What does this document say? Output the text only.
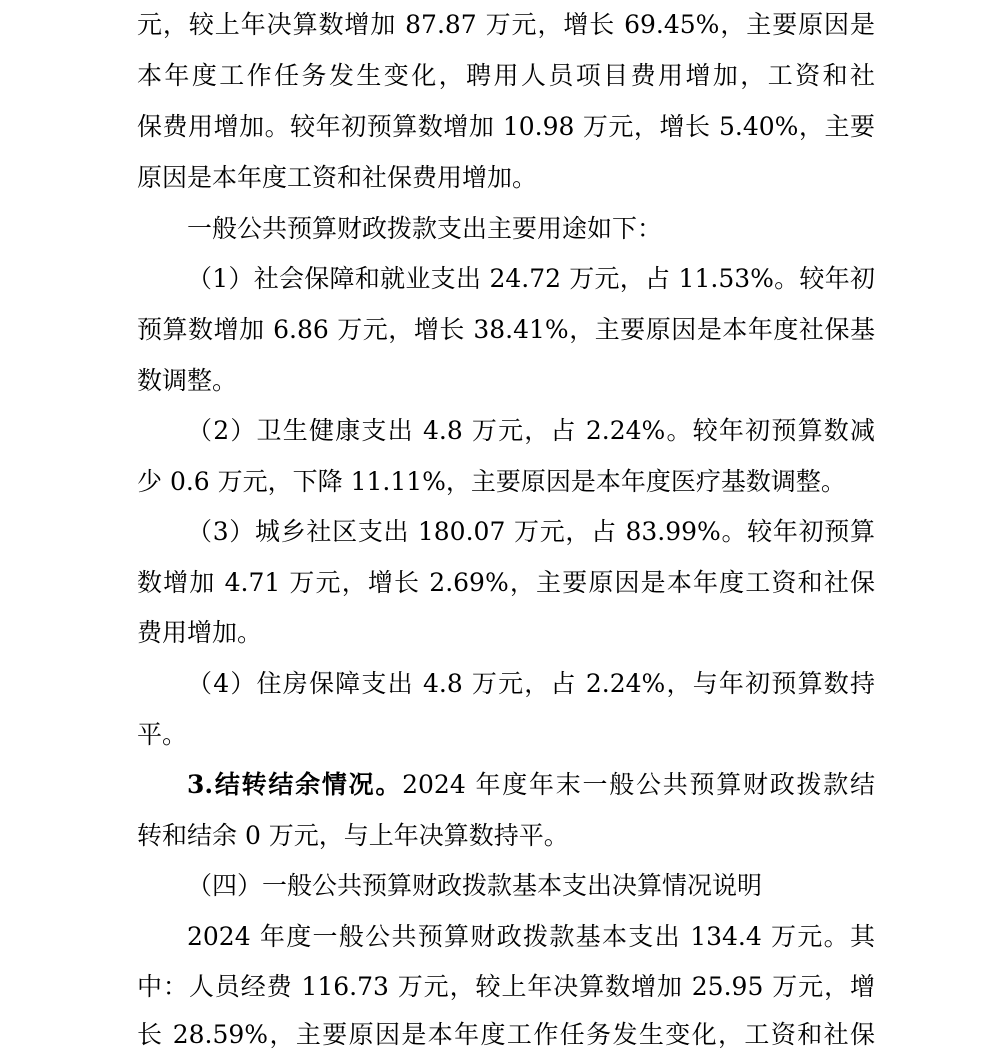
元，较上年决算数增加 87.87 万元，增长 69.45%，主要原因是
本年度工作任务发生变化，聘用人员项目费用增加，工资和社
保费用增加。较年初预算数增加 10.98 万元，增长 5.40%，主要
原因是本年度工资和社保费用增加。
一般公共预算财政拨款支出主要用途如下：
（1）社会保障和就业支出 24.72 万元，占 11.53%。较年初
预算数增加 6.86 万元，增长 38.41%，主要原因是本年度社保基
数调整。
（2）卫生健康支出 4.8 万元，占 2.24%。较年初预算数减
少 0.6 万元，下降 11.11%，主要原因是本年度医疗基数调整。
（3）城乡社区支出 180.07 万元，占 83.99%。较年初预算
数增加 4.71 万元，增长 2.69%，主要原因是本年度工资和社保
费用增加。
（4）住房保障支出 4.8 万元，占 2.24%，与年初预算数持
平。
3.结转结余情况。2024 年度年末一般公共预算财政拨款结
转和结余 0 万元，与上年决算数持平。
（四）一般公共预算财政拨款基本支出决算情况说明
2024 年度一般公共预算财政拨款基本支出 134.4 万元。其
中：人员经费 116.73 万元，较上年决算数增加 25.95 万元，增
长 28.59%，主要原因是本年度工作任务发生变化，工资和社保
